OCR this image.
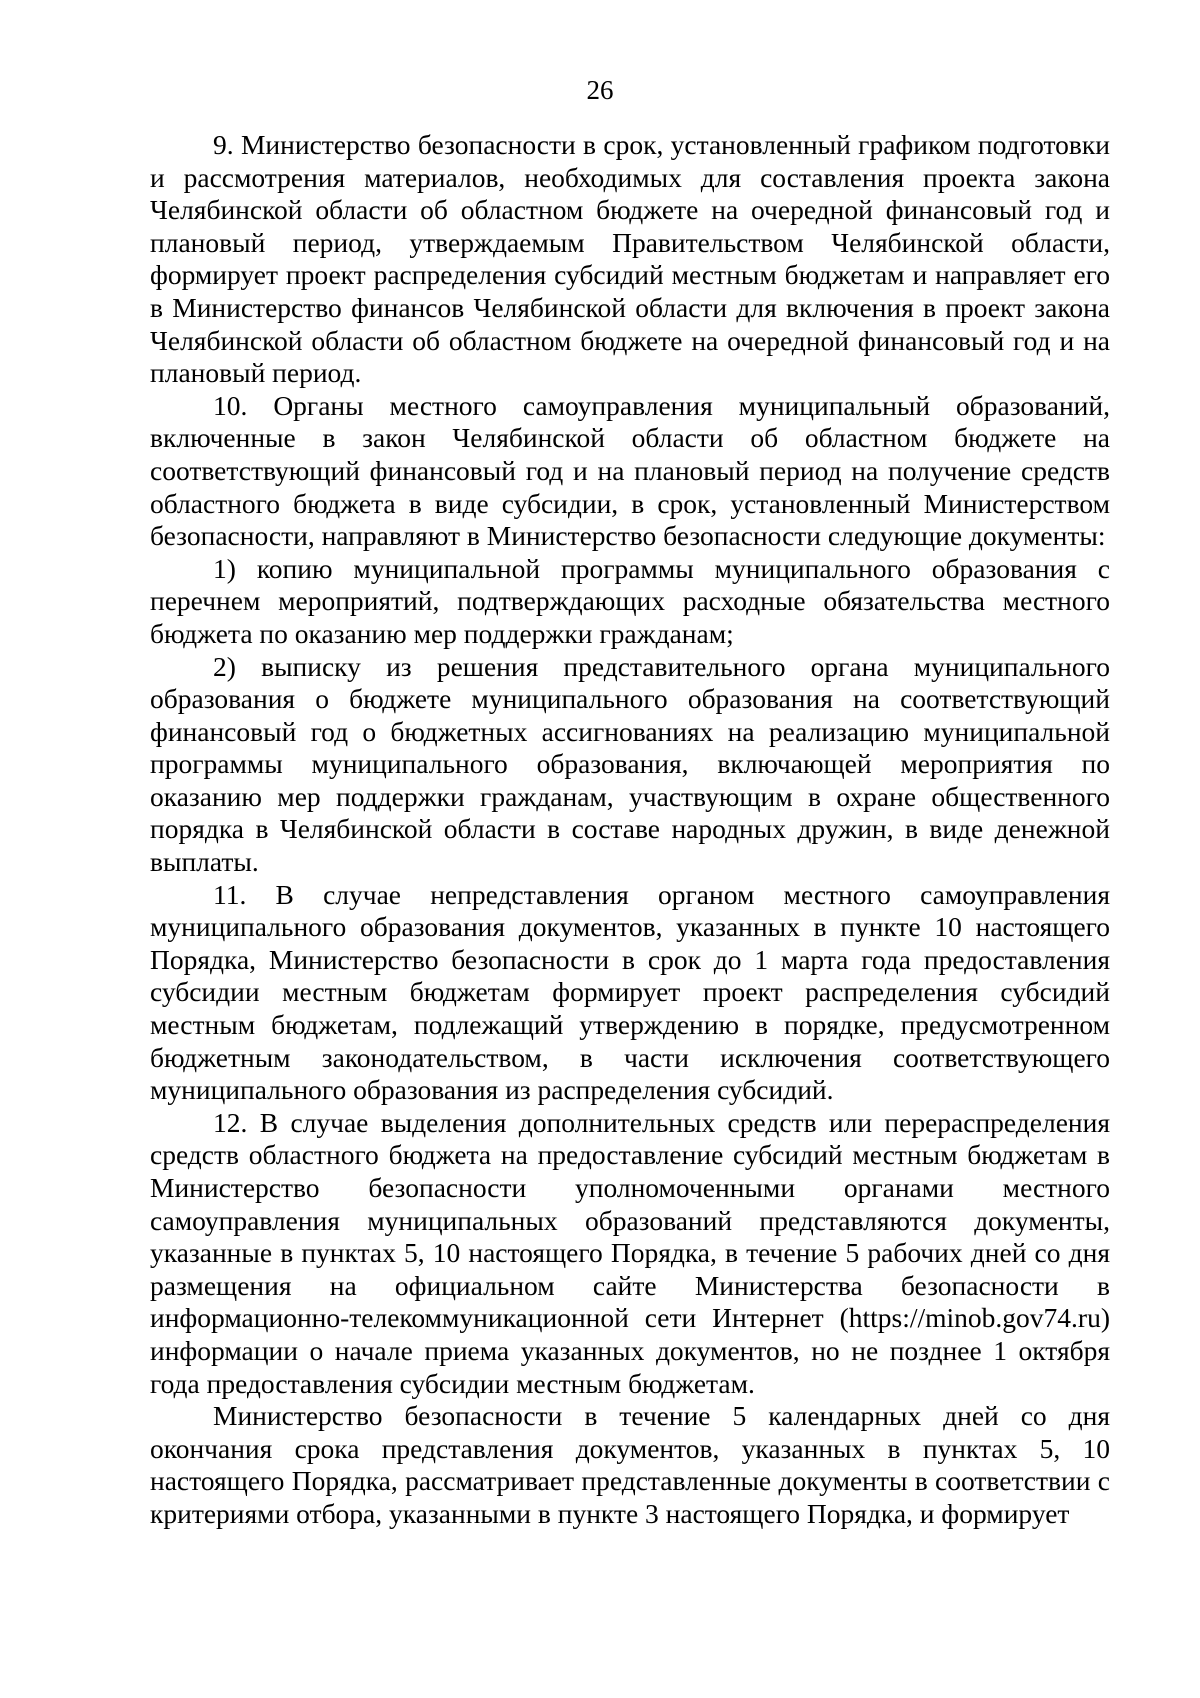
26

9. Министерство безопасности в срок, установленный графиком подготовки и рассмотрения материалов, необходимых для составления проекта закона Челябинской области об областном бюджете на очередной финансовый год и плановый период, утверждаемым Правительством Челябинской области, формирует проект распределения субсидий местным бюджетам и направляет его в Министерство финансов Челябинской области для включения в проект закона Челябинской области об областном бюджете на очередной финансовый год и на плановый период.

10. Органы местного самоуправления муниципальный образований, включенные в закон Челябинской области об областном бюджете на соответствующий финансовый год и на плановый период на получение средств областного бюджета в виде субсидии, в срок, установленный Министерством безопасности, направляют в Министерство безопасности следующие документы:

1) копию муниципальной программы муниципального образования с перечнем мероприятий, подтверждающих расходные обязательства местного бюджета по оказанию мер поддержки гражданам;

2) выписку из решения представительного органа муниципального образования о бюджете муниципального образования на соответствующий финансовый год о бюджетных ассигнованиях на реализацию муниципальной программы муниципального образования, включающей мероприятия по оказанию мер поддержки гражданам, участвующим в охране общественного порядка в Челябинской области в составе народных дружин, в виде денежной выплаты.

11. В случае непредставления органом местного самоуправления муниципального образования документов, указанных в пункте 10 настоящего Порядка, Министерство безопасности в срок до 1 марта года предоставления субсидии местным бюджетам формирует проект распределения субсидий местным бюджетам, подлежащий утверждению в порядке, предусмотренном бюджетным законодательством, в части исключения соответствующего муниципального образования из распределения субсидий.

12. В случае выделения дополнительных средств или перераспределения средств областного бюджета на предоставление субсидий местным бюджетам в Министерство безопасности уполномоченными органами местного самоуправления муниципальных образований представляются документы, указанные в пунктах 5, 10 настоящего Порядка, в течение 5 рабочих дней со дня размещения на официальном сайте Министерства безопасности в информационно-телекоммуникационной сети Интернет (https://minob.gov74.ru) информации о начале приема указанных документов, но не позднее 1 октября года предоставления субсидии местным бюджетам.

Министерство безопасности в течение 5 календарных дней со дня окончания срока представления документов, указанных в пунктах 5, 10 настоящего Порядка, рассматривает представленные документы в соответствии с критериями отбора, указанными в пункте 3 настоящего Порядка, и формирует
